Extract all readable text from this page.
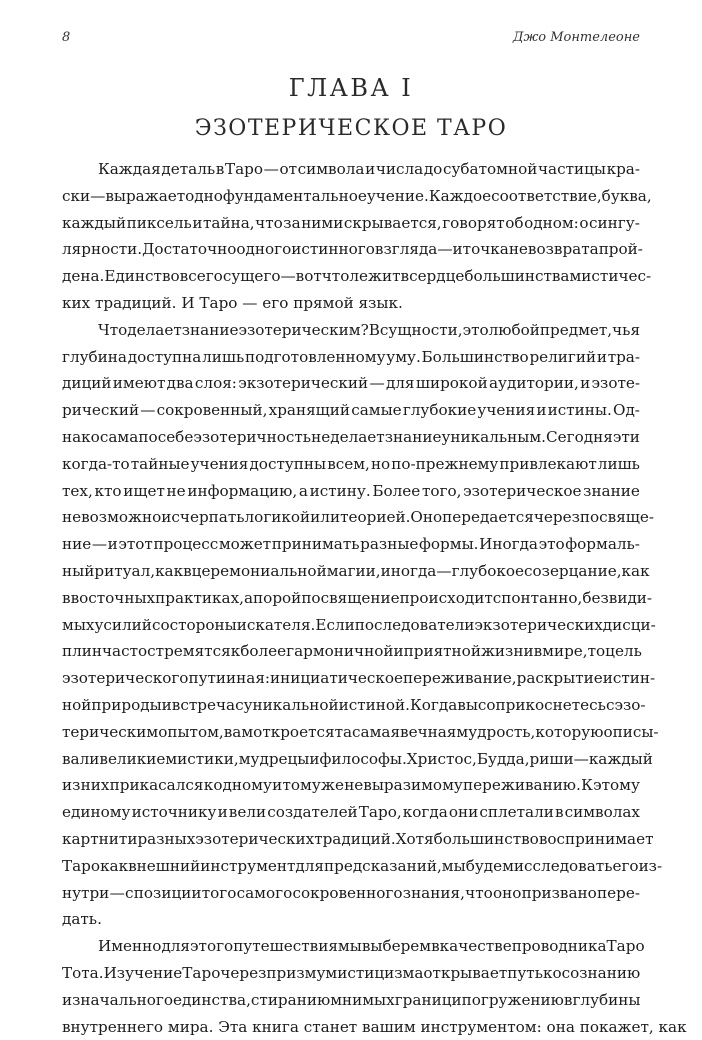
8	Джо Монтелеоне
ГЛАВА I
ЭЗОТЕРИЧЕСКОЕ ТАРО

Каждая деталь в Таро — от символа и числа до субатомной частицы кра-
ски — выражает одно фундаментальное учение. Каждое соответствие, буква,
каждый пиксель и тайна, что за ними скрывается, говорят об одном: о сингу-
лярности. Достаточно одного истинного взгляда — и точка невозврата прой-
дена. Единство всего сущего — вот что лежит в сердце большинства мистичес-
ких традиций. И Таро — его прямой язык.

Что делает знание эзотерическим? В сущности, это любой предмет, чья
глубина доступна лишь подготовленному уму. Большинство религий и тра-
диций имеют два слоя: экзотерический — для широкой аудитории, и эзоте-
рический — сокровенный, хранящий самые глубокие учения и истины. Од-
нако сама по себе эзотеричность не делает знание уникальным. Сегодня эти
когда-то тайные учения доступны всем, но по-прежнему привлекают лишь
тех, кто ищет не информацию, а истину. Более того, эзотерическое знание
невозможно исчерпать логикой или теорией. Оно передается через посвяще-
ние — и этот процесс может принимать разные формы. Иногда это формаль-
ный ритуал, как в церемониальной магии, иногда — глубокое созерцание, как
в восточных практиках, а порой посвящение происходит спонтанно, без види-
мых усилий со стороны искателя. Если последователи экзотерических дисци-
плин часто стремятся к более гармоничной и приятной жизни в мире, то цель
эзотерического пути иная: инициатическое переживание, раскрытие истин-
ной природы и встреча с уникальной истиной. Когда вы соприкоснетесь с эзо-
терическим опытом, вам откроется та самая вечная мудрость, которую описы-
вали великие мистики, мудрецы и философы. Христос, Будда, риши — каждый
из них прикасался к одному и тому же невыразимому переживанию. К этому
единому источнику и вели создателей Таро, когда они сплетали в символах
карт нити разных эзотерических традиций. Хотя большинство воспринимает
Таро как внешний инструмент для предсказаний, мы будем исследовать его из-
нутри — с позиции того самого сокровенного знания, что оно призвано пере-
дать.

Именно для этого путешествия мы выберем в качестве проводника Таро
Тота. Изучение Таро через призму мистицизма открывает путь к осознанию
изначального единства, стиранию мнимых границ и погружению в глубины
внутреннего мира. Эта книга станет вашим инструментом: она покажет, как
